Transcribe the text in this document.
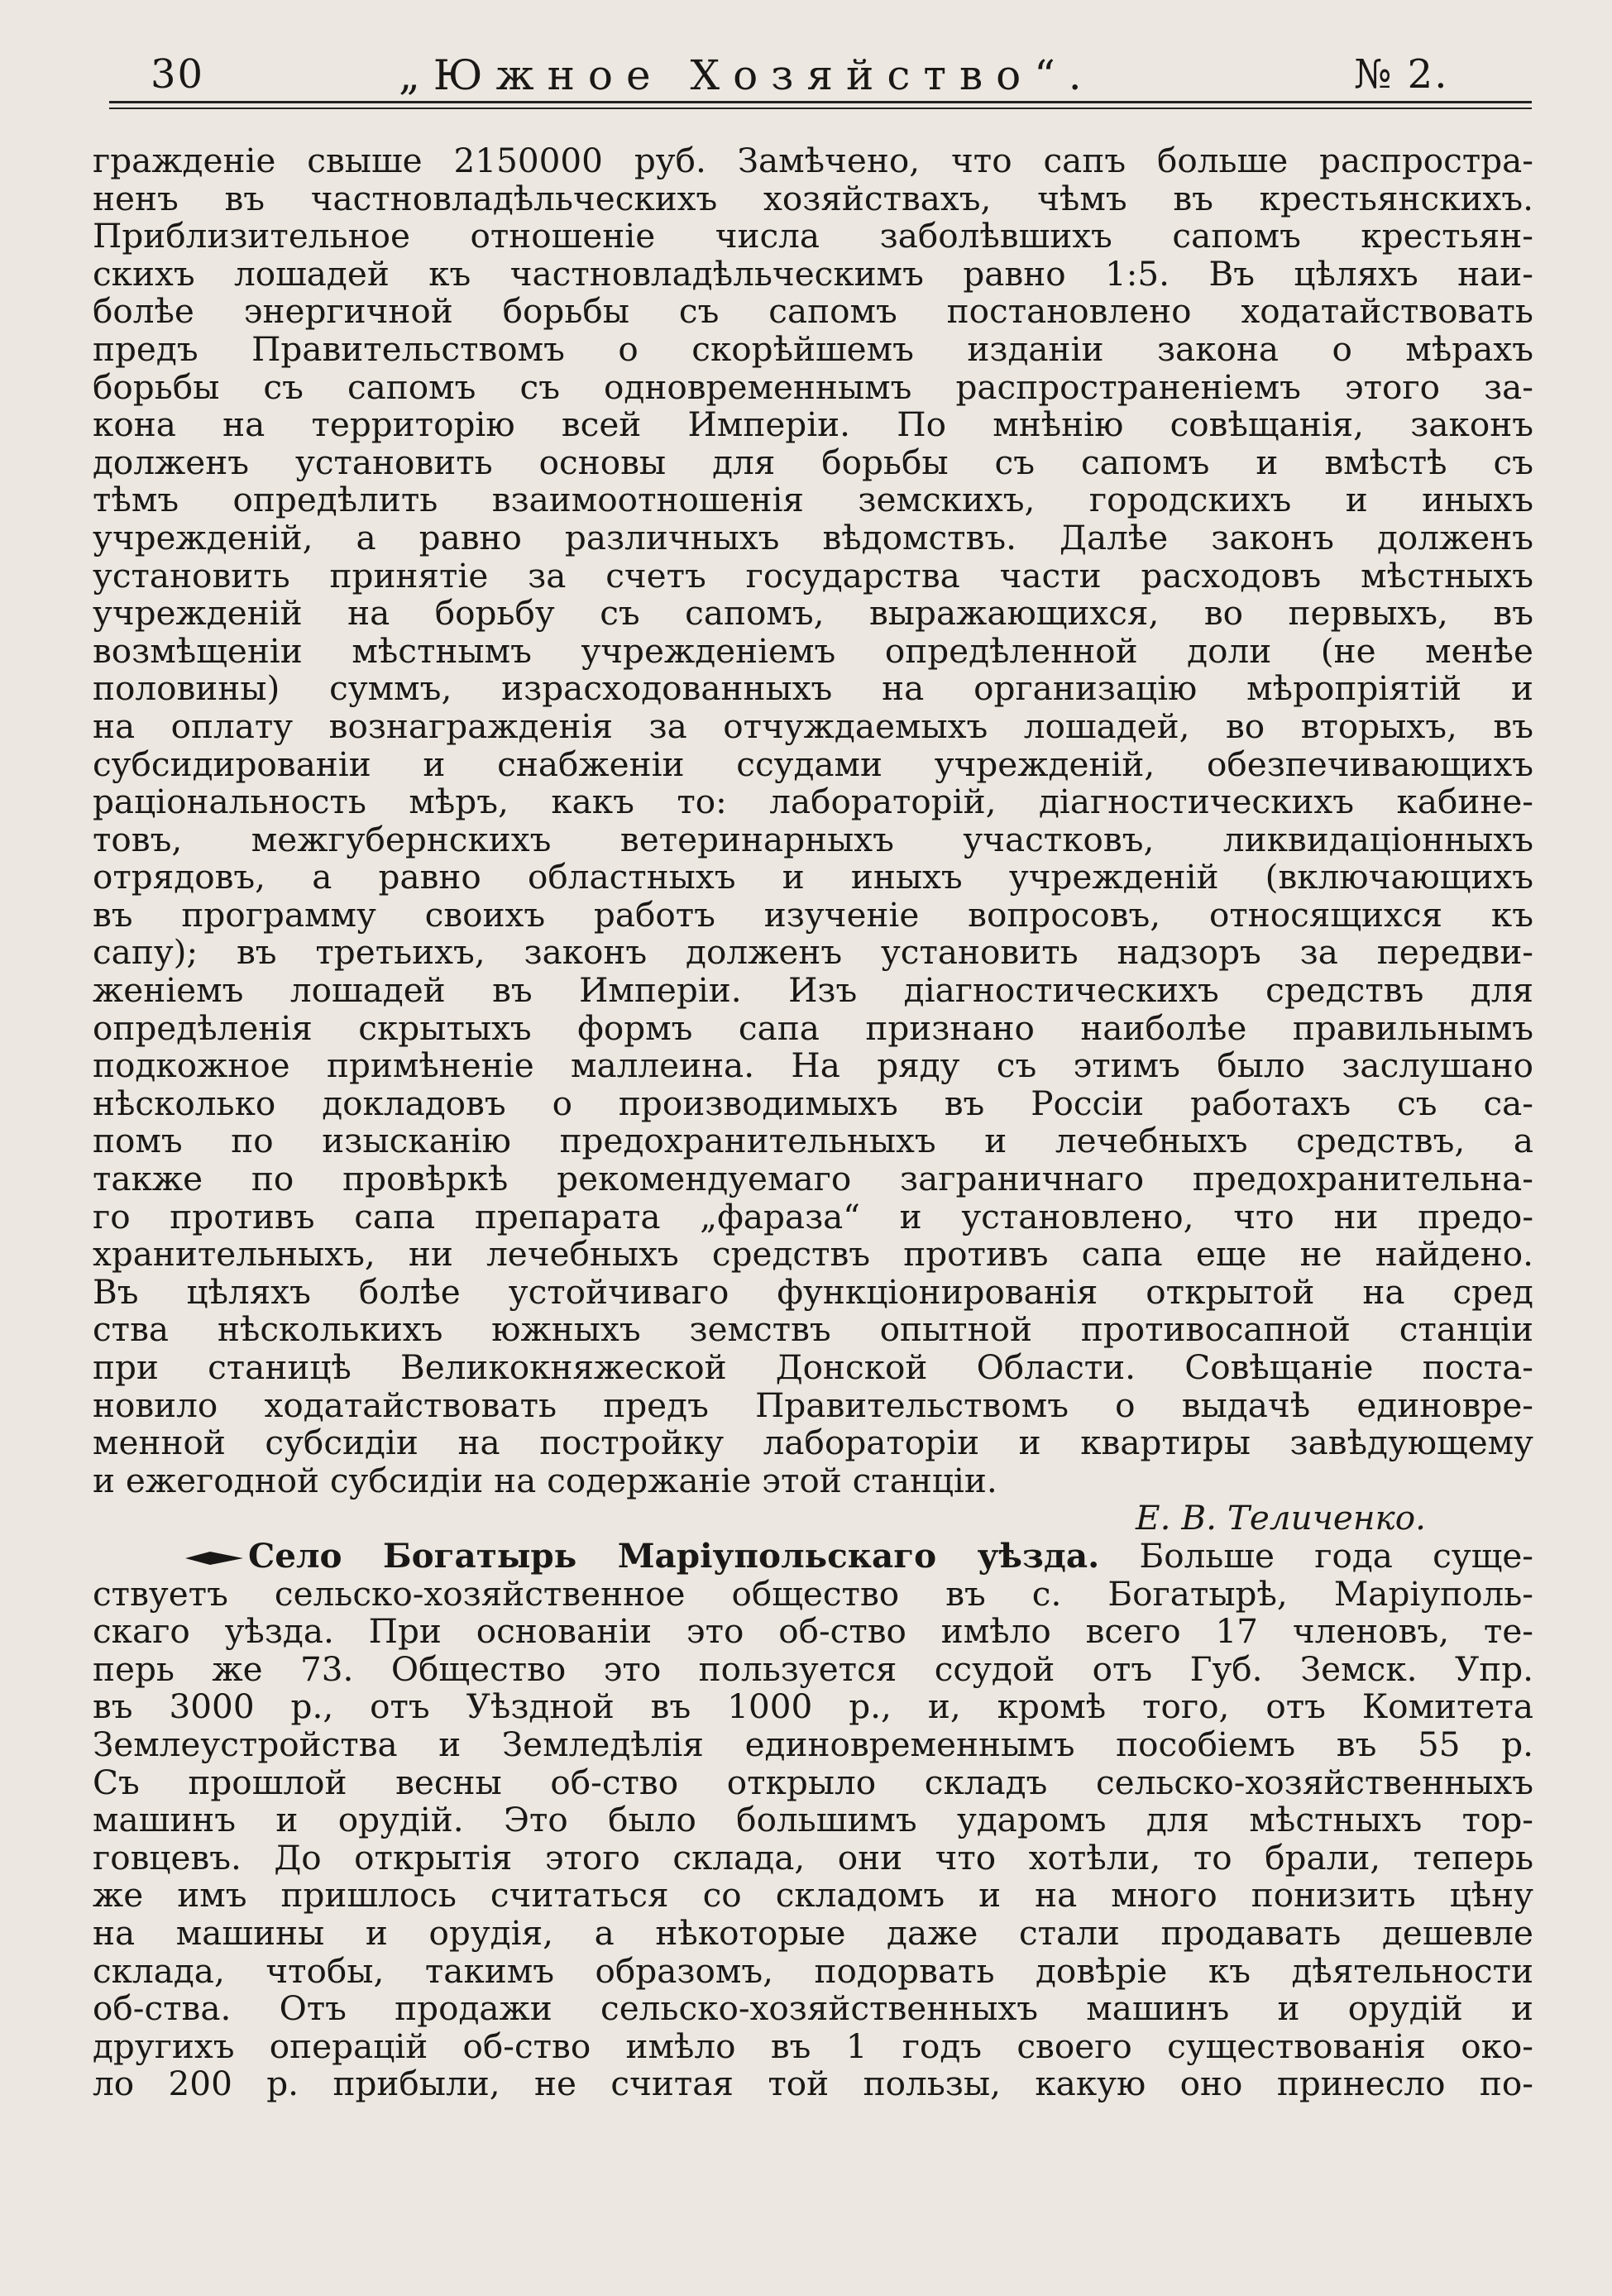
30	„Южное Хозяйство“.	№ 2.
гражденіе свыше 2150000 руб. Замѣчено, что сапъ больше распростра-
ненъ въ частновладѣльческихъ хозяйствахъ, чѣмъ въ крестьянскихъ.
Приблизительное отношеніе числа заболѣвшихъ сапомъ крестьян-
скихъ лошадей къ частновладѣльческимъ равно 1:5. Въ цѣляхъ наи-
болѣе энергичной борьбы съ сапомъ постановлено ходатайствовать
предъ Правительствомъ о скорѣйшемъ изданіи закона о мѣрахъ
борьбы съ сапомъ съ одновременнымъ распространеніемъ этого за-
кона на территорію всей Имперіи. По мнѣнію совѣщанія, законъ
долженъ установить основы для борьбы съ сапомъ и вмѣстѣ съ
тѣмъ опредѣлить взаимоотношенія земскихъ, городскихъ и иныхъ
учрежденій, а равно различныхъ вѣдомствъ. Далѣе законъ долженъ
установить принятіе за счетъ государства части расходовъ мѣстныхъ
учрежденій на борьбу съ сапомъ, выражающихся, во первыхъ, въ
возмѣщеніи мѣстнымъ учрежденіемъ опредѣленной доли (не менѣе
половины) суммъ, израсходованныхъ на организацію мѣропріятій и
на оплату вознагражденія за отчуждаемыхъ лошадей, во вторыхъ, въ
субсидированіи и снабженіи ссудами учрежденій, обезпечивающихъ
раціональность мѣръ, какъ то: лабораторій, діагностическихъ кабине-
товъ, межгубернскихъ ветеринарныхъ участковъ, ликвидаціонныхъ
отрядовъ, а равно областныхъ и иныхъ учрежденій (включающихъ
въ программу своихъ работъ изученіе вопросовъ, относящихся къ
сапу); въ третьихъ, законъ долженъ установить надзоръ за передви-
женіемъ лошадей въ Имперіи. Изъ діагностическихъ средствъ для
опредѣленія скрытыхъ формъ сапа признано наиболѣе правильнымъ
подкожное примѣненіе маллеина. На ряду съ этимъ было заслушано
нѣсколько докладовъ о производимыхъ въ Россіи работахъ съ са-
помъ по изысканію предохранительныхъ и лечебныхъ средствъ, а
также по провѣркѣ рекомендуемаго заграничнаго предохранительна-
го противъ сапа препарата „фараза“ и установлено, что ни предо-
хранительныхъ, ни лечебныхъ средствъ противъ сапа еще не найдено.
Въ цѣляхъ болѣе устойчиваго функціонированія открытой на сред
ства нѣсколькихъ южныхъ земствъ опытной противосапной станціи
при станицѣ Великокняжеской Донской Области. Совѣщаніе поста-
новило ходатайствовать предъ Правительствомъ о выдачѣ единовре-
менной субсидіи на постройку лабораторіи и квартиры завѣдующему
и ежегодной субсидіи на содержаніе этой станціи.
Е. В. Теличенко.
Село Богатырь Маріупольскаго уѣзда. Больше года суще-
ствуетъ сельско-хозяйственное общество въ с. Богатырѣ, Маріуполь-
скаго уѣзда. При основаніи это об-ство имѣло всего 17 членовъ, те-
перь же 73. Общество это пользуется ссудой отъ Губ. Земск. Упр.
въ 3000 р., отъ Уѣздной въ 1000 р., и, кромѣ того, отъ Комитета
Землеустройства и Земледѣлія единовременнымъ пособіемъ въ 55 р.
Съ прошлой весны об-ство открыло складъ сельско-хозяйственныхъ
машинъ и орудій. Это было большимъ ударомъ для мѣстныхъ тор-
говцевъ. До открытія этого склада, они что хотѣли, то брали, теперь
же имъ пришлось считаться со складомъ и на много понизить цѣну
на машины и орудія, а нѣкоторые даже стали продавать дешевле
склада, чтобы, такимъ образомъ, подорвать довѣріе къ дѣятельности
об-ства. Отъ продажи сельско-хозяйственныхъ машинъ и орудій и
другихъ операцій об-ство имѣло въ 1 годъ своего существованія око-
ло 200 р. прибыли, не считая той пользы, какую оно принесло по-
